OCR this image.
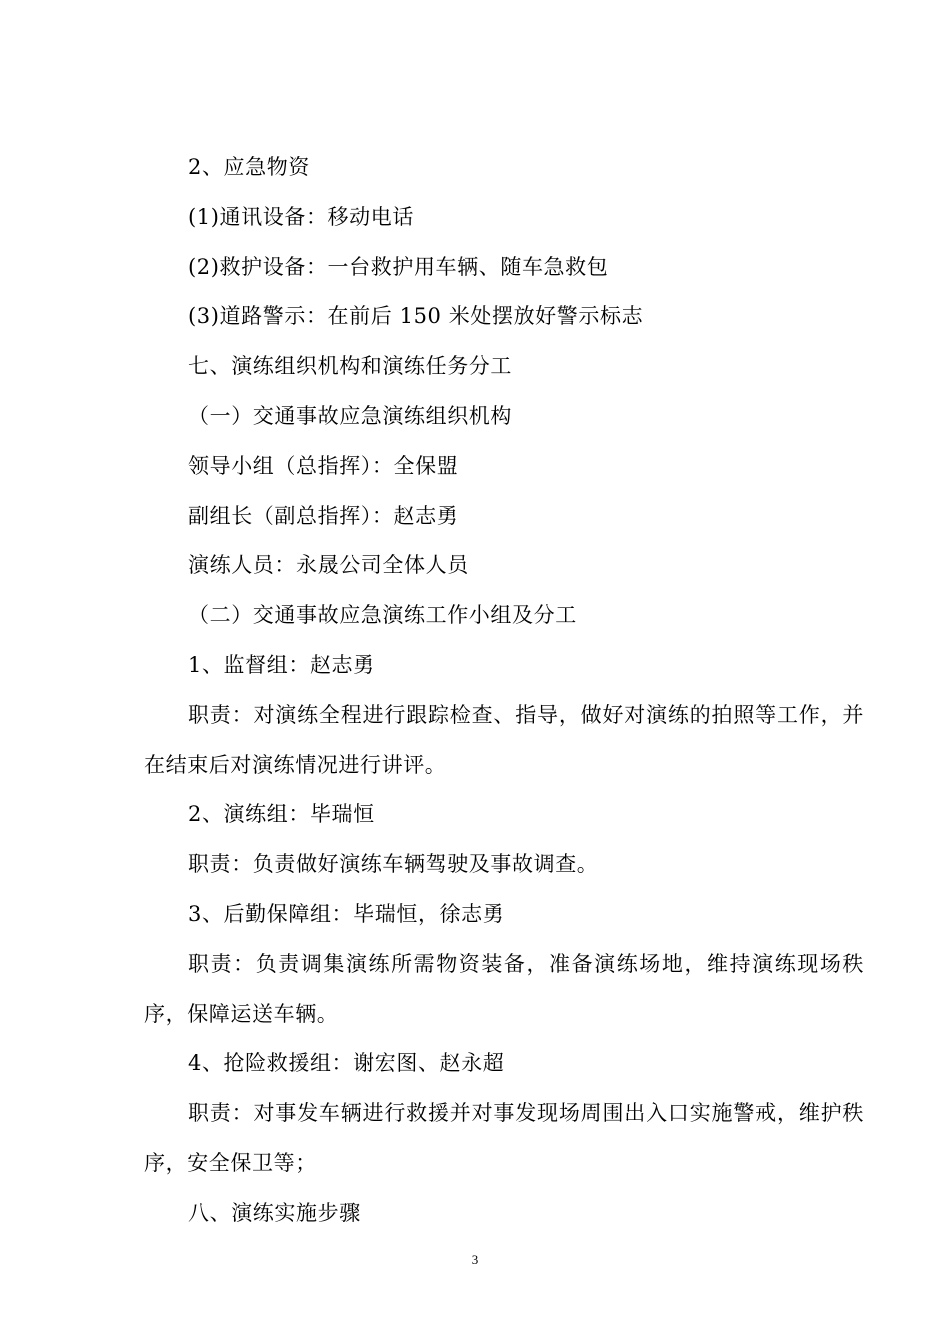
2、应急物资

(1)通讯设备：移动电话

(2)救护设备：一台救护用车辆、随车急救包

(3)道路警示：在前后 150 米处摆放好警示标志

七、演练组织机构和演练任务分工

（一）交通事故应急演练组织机构

领导小组（总指挥）：全保盟

副组长（副总指挥）：赵志勇

演练人员：永晟公司全体人员

（二）交通事故应急演练工作小组及分工

1、监督组：赵志勇

职责：对演练全程进行跟踪检查、指导，做好对演练的拍照等工作，并在结束后对演练情况进行讲评。

2、演练组：毕瑞恒

职责：负责做好演练车辆驾驶及事故调查。

3、后勤保障组：毕瑞恒，徐志勇

职责：负责调集演练所需物资装备，准备演练场地，维持演练现场秩序，保障运送车辆。

4、抢险救援组：谢宏图、赵永超

职责：对事发车辆进行救援并对事发现场周围出入口实施警戒，维护秩序，安全保卫等；

八、演练实施步骤

3
